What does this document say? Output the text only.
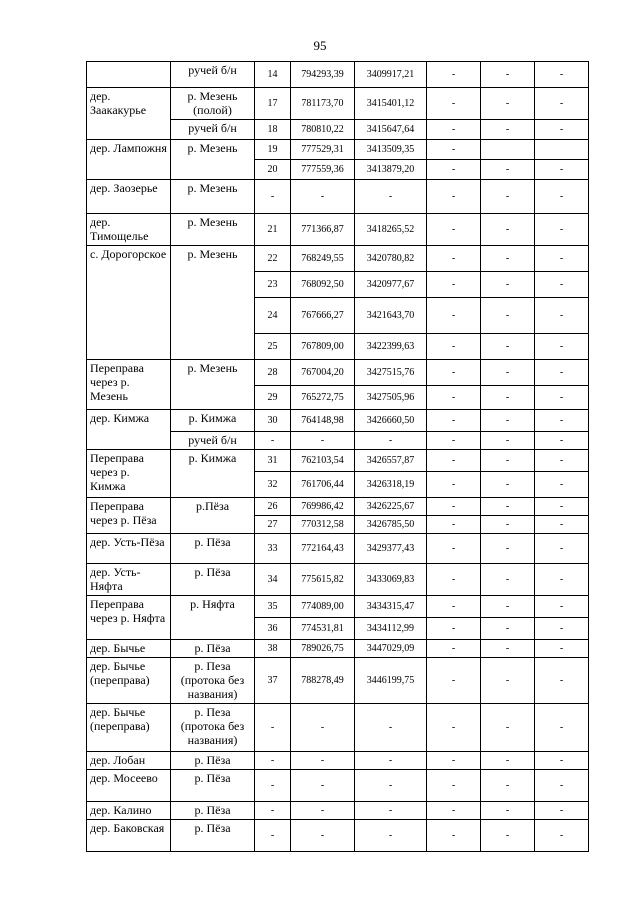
95
	ручей б/н	14	794293,39	3409917,21	-	-	-
дер. Заакакурье	р. Мезень (полой)	17	781173,70	3415401,12	-	-	-
	ручей б/н	18	780810,22	3415647,64	-	-	-
дер. Лампожня	р. Мезень	19	777529,31	3413509,35	-		
		20	777559,36	3413879,20	-	-	-
дер. Заозерье	р. Мезень	-	-	-	-	-	-
дер. Тимощелье	р. Мезень	21	771366,87	3418265,52	-	-	-
с. Дорогорское	р. Мезень	22	768249,55	3420780,82	-	-	-
		23	768092,50	3420977,67	-	-	-
		24	767666,27	3421643,70	-	-	-
		25	767809,00	3422399,63	-	-	-
Переправа через р. Мезень	р. Мезень	28	767004,20	3427515,76	-	-	-
		29	765272,75	3427505,96	-	-	-
дер. Кимжа	р. Кимжа	30	764148,98	3426660,50	-	-	-
	ручей б/н	-	-	-	-	-	-
Переправа через р. Кимжа	р. Кимжа	31	762103,54	3426557,87	-	-	-
		32	761706,44	3426318,19	-	-	-
Переправа через р. Пёза	р.Пёза	26	769986,42	3426225,67	-	-	-
		27	770312,58	3426785,50	-	-	-
дер. Усть-Пёза	р. Пёза	33	772164,43	3429377,43	-	-	-
дер. Усть-Няфта	р. Пёза	34	775615,82	3433069,83	-	-	-
Переправа через р. Няфта	р. Няфта	35	774089,00	3434315,47	-	-	-
		36	774531,81	3434112,99	-	-	-
дер. Бычье	р. Пёза	38	789026,75	3447029,09	-	-	-
дер. Бычье (переправа)	р. Пеза (протока без названия)	37	788278,49	3446199,75	-	-	-
дер. Бычье (переправа)	р. Пеза (протока без названия)	-	-	-	-	-	-
дер. Лобан	р. Пёза	-	-	-	-	-	-
дер. Мосеево	р. Пёза	-	-	-	-	-	-
дер. Калино	р. Пёза	-	-	-	-	-	-
дер. Баковская	р. Пёза	-	-	-	-	-	-
